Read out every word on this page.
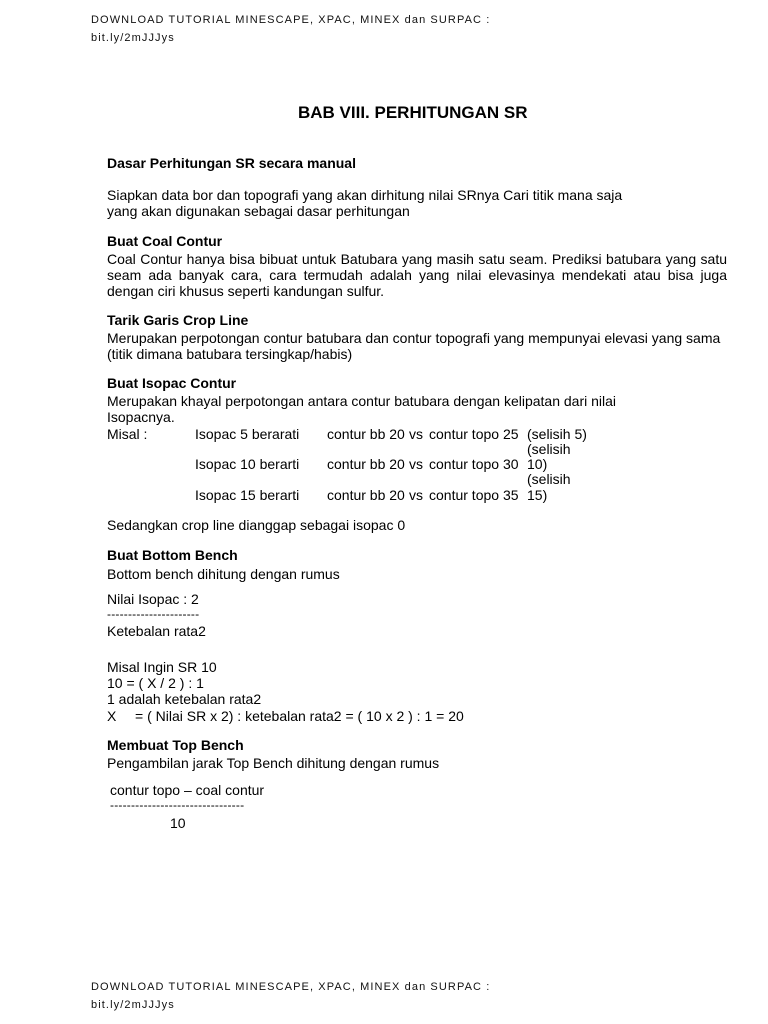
DOWNLOAD TUTORIAL MINESCAPE, XPAC, MINEX dan SURPAC :
bit.ly/2mJJJys
BAB VIII. PERHITUNGAN SR
Dasar Perhitungan SR secara manual
Siapkan data bor dan topografi yang akan dirhitung nilai SRnya Cari titik mana saja
yang akan digunakan sebagai dasar perhitungan
Buat Coal Contur
Coal Contur hanya bisa bibuat untuk Batubara yang masih satu seam. Prediksi batubara yang satu seam ada banyak cara, cara termudah adalah yang nilai elevasinya mendekati atau bisa juga dengan ciri khusus seperti kandungan sulfur.
Tarik Garis Crop Line
Merupakan perpotongan contur batubara dan contur topografi yang mempunyai elevasi yang sama
(titik dimana batubara tersingkap/habis)
Buat Isopac Contur
Merupakan khayal perpotongan antara contur batubara dengan kelipatan dari nilai
Isopacnya.
Misal :	Isopac 5 berarati contur bb 20 vs contur topo 25 (selisih 5)
(selisih
Isopac 10 berarti contur bb 20 vs contur topo 30 10)
(selisih
Isopac 15 berarti contur bb 20 vs contur topo 35 15)
Sedangkan crop line dianggap sebagai isopac 0
Buat Bottom Bench
Bottom bench dihitung dengan rumus
Nilai Isopac : 2
----------------------
Ketebalan rata2
Misal Ingin SR 10
10 = ( X / 2 ) : 1
1 adalah ketebalan rata2
X = ( Nilai SR x 2) : ketebalan rata2 = ( 10 x 2 ) : 1 = 20
Membuat Top Bench
Pengambilan jarak Top Bench dihitung dengan rumus
contur topo – coal contur
--------------------------------
10
DOWNLOAD TUTORIAL MINESCAPE, XPAC, MINEX dan SURPAC :
bit.ly/2mJJJys
